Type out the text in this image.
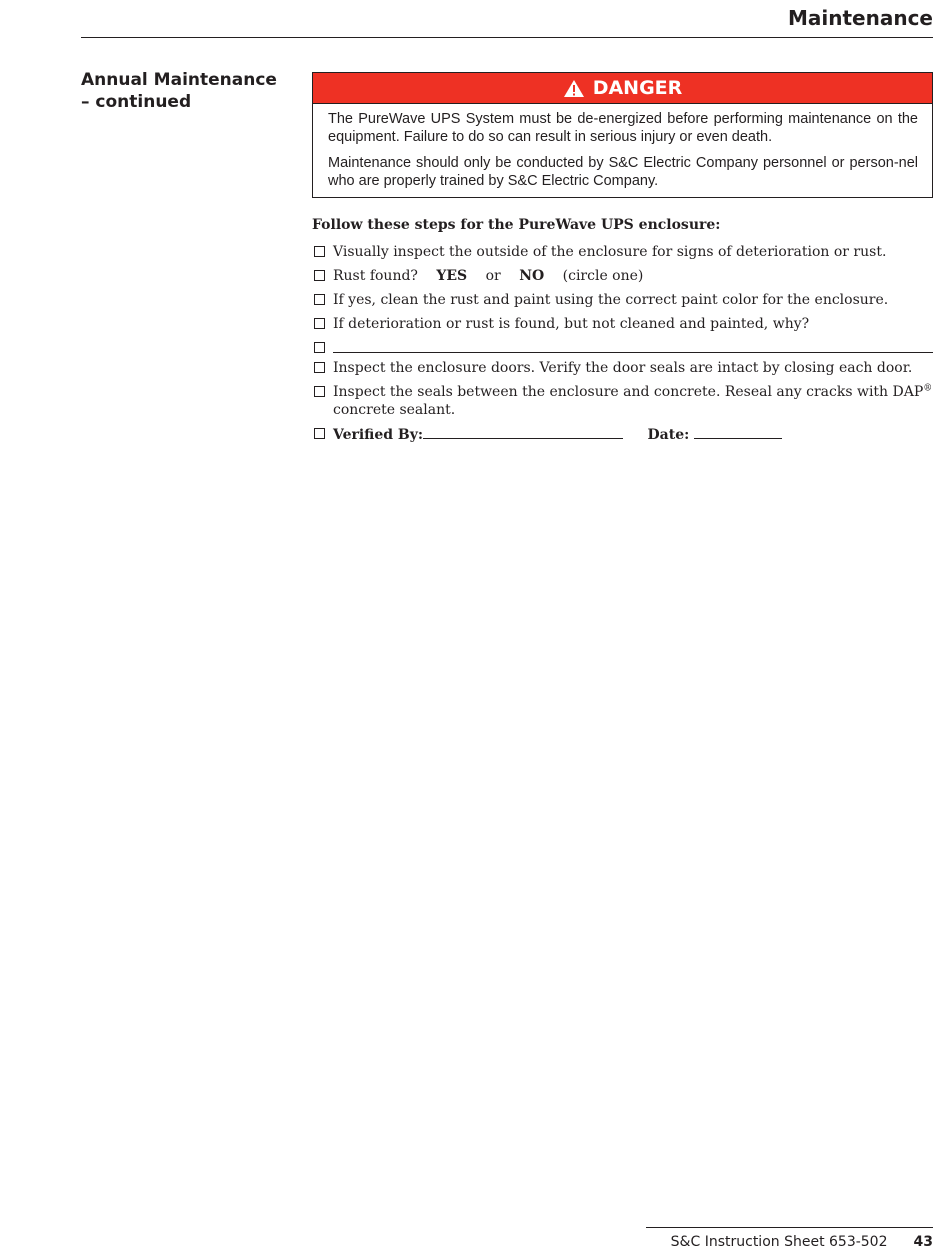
Maintenance
Annual Maintenance
– continued
DANGER

The PureWave UPS System must be de-energized before performing maintenance on the equipment. Failure to do so can result in serious injury or even death.

Maintenance should only be conducted by S&C Electric Company personnel or person-nel who are properly trained by S&C Electric Company.

Follow these steps for the PureWave UPS enclosure:
Visually inspect the outside of the enclosure for signs of deterioration or rust.
Rust found? YES or NO (circle one)
If yes, clean the rust and paint using the correct paint color for the enclosure.
If deterioration or rust is found, but not cleaned and painted, why?
Inspect the enclosure doors. Verify the door seals are intact by closing each door.
Inspect the seals between the enclosure and concrete. Reseal any cracks with DAP®
concrete sealant.
Verified By:	Date:
S&C Instruction Sheet 653-502 43
